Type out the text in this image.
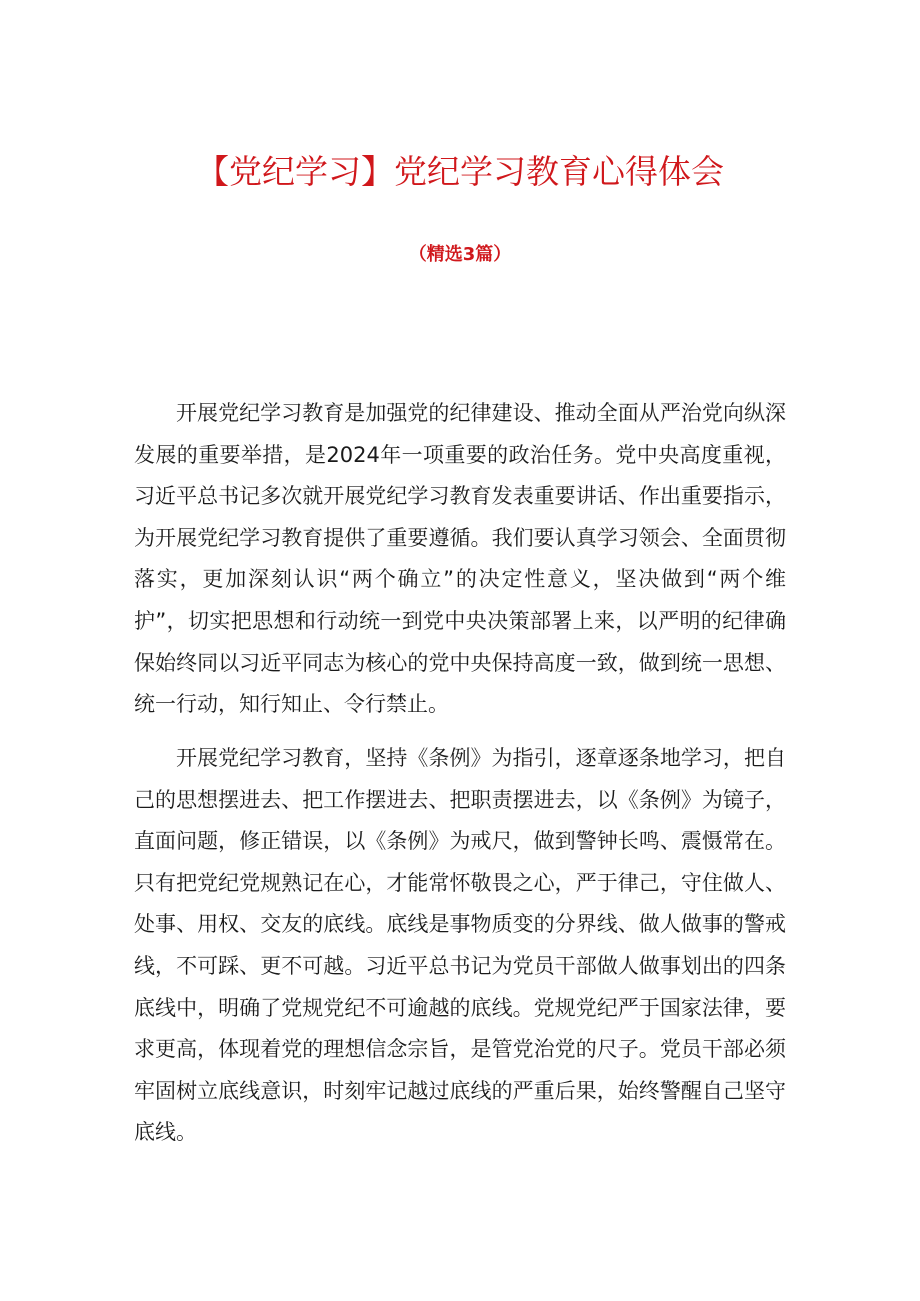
【党纪学习】党纪学习教育心得体会
（精选3篇）

开展党纪学习教育是加强党的纪律建设、推动全面从严治党向纵深发展的重要举措，是2024年一项重要的政治任务。党中央高度重视，习近平总书记多次就开展党纪学习教育发表重要讲话、作出重要指示，为开展党纪学习教育提供了重要遵循。我们要认真学习领会、全面贯彻落实，更加深刻认识“两个确立”的决定性意义，坚决做到“两个维护”，切实把思想和行动统一到党中央决策部署上来，以严明的纪律确保始终同以习近平同志为核心的党中央保持高度一致，做到统一思想、统一行动，知行知止、令行禁止。

开展党纪学习教育，坚持《条例》为指引，逐章逐条地学习，把自己的思想摆进去、把工作摆进去、把职责摆进去，以《条例》为镜子，直面问题，修正错误，以《条例》为戒尺，做到警钟长鸣、震慑常在。只有把党纪党规熟记在心，才能常怀敬畏之心，严于律己，守住做人、处事、用权、交友的底线。底线是事物质变的分界线、做人做事的警戒线，不可踩、更不可越。习近平总书记为党员干部做人做事划出的四条底线中，明确了党规党纪不可逾越的底线。党规党纪严于国家法律，要求更高，体现着党的理想信念宗旨，是管党治党的尺子。党员干部必须牢固树立底线意识，时刻牢记越过底线的严重后果，始终警醒自己坚守底线。
